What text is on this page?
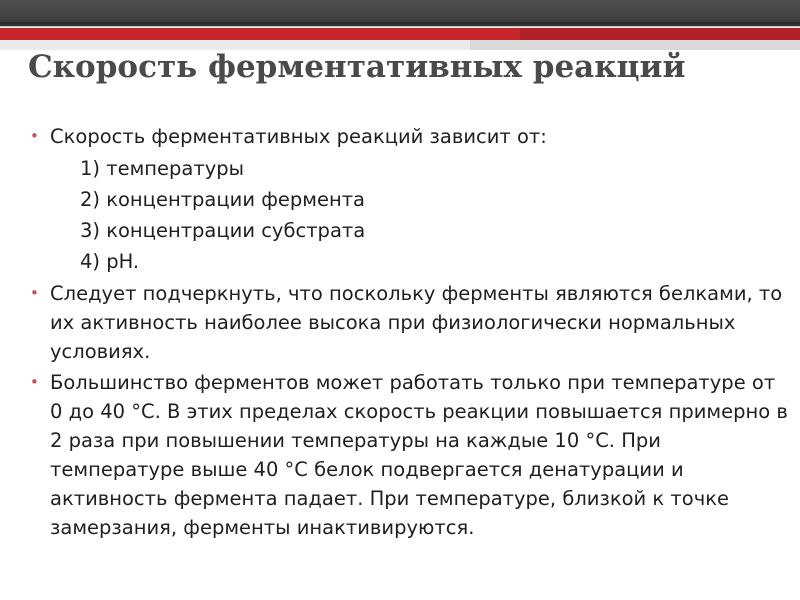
Скорость ферментативных реакций
• Скорость ферментативных реакций зависит от:
1) температуры
2) концентрации фермента
3) концентрации субстрата
4) pH.
• Следует подчеркнуть, что поскольку ферменты являются белками, то их активность наиболее высока при физиологически нормальных условиях.
• Большинство ферментов может работать только при температуре от 0 до 40 °С. В этих пределах скорость реакции повышается примерно в 2 раза при повышении температуры на каждые 10 °С. При температуре выше 40 °С белок подвергается денатурации и активность фермента падает. При температуре, близкой к точке замерзания, ферменты инактивируются.
